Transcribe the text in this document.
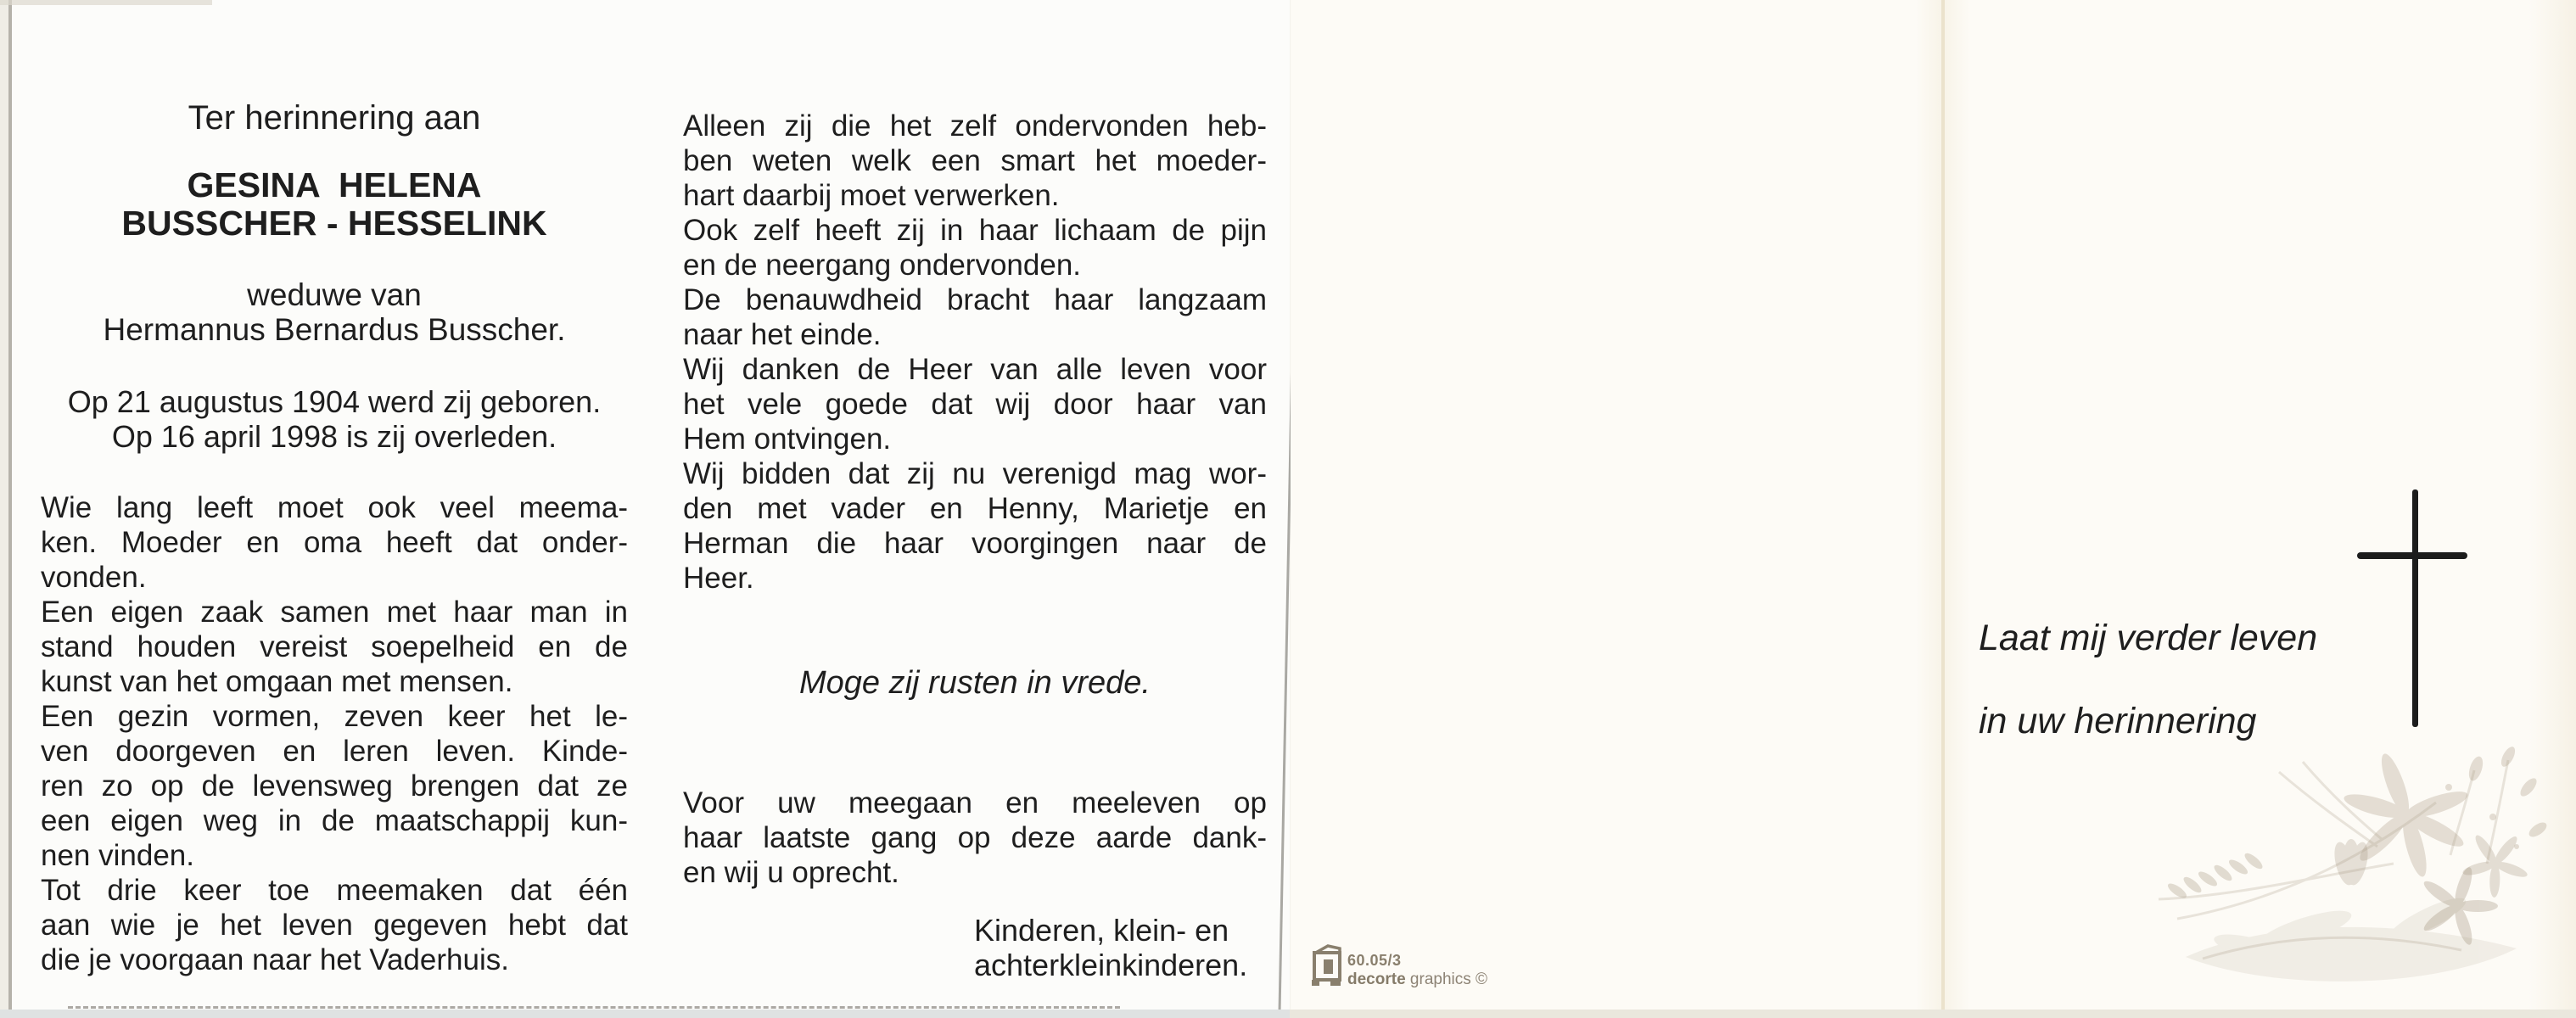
Ter herinnering aan
GESINA  HELENA
BUSSCHER - HESSELINK
weduwe van
Hermannus Bernardus Busscher.
Op 21 augustus 1904 werd zij geboren.
Op 16 april 1998 is zij overleden.
Wie lang leeft moet ook veel meema-
ken. Moeder en oma heeft dat onder-
vonden.
Een eigen zaak samen met haar man in
stand houden vereist soepelheid en de
kunst van het omgaan met mensen.
Een gezin vormen, zeven keer het le-
ven doorgeven en leren leven. Kinde-
ren zo op de levensweg brengen dat ze
een eigen weg in de maatschappij kun-
nen vinden.
Tot drie keer toe meemaken dat één
aan wie je het leven gegeven hebt dat
die je voorgaan naar het Vaderhuis.
Alleen zij die het zelf ondervonden heb-
ben weten welk een smart het moeder-
hart daarbij moet verwerken.
Ook zelf heeft zij in haar lichaam de pijn
en de neergang ondervonden.
De benauwdheid bracht haar langzaam
naar het einde.
Wij danken de Heer van alle leven voor
het vele goede dat wij door haar van
Hem ontvingen.
Wij bidden dat zij nu verenigd mag wor-
den met vader en Henny, Marietje en
Herman die haar voorgingen naar de
Heer.
Moge zij rusten in vrede.
Voor uw meegaan en meeleven op
haar laatste gang op deze aarde dank-
en wij u oprecht.
Kinderen, klein- en
achterkleinkinderen.	60.05/3
decorte graphics ©
Laat mij verder leven
in uw herinnering
